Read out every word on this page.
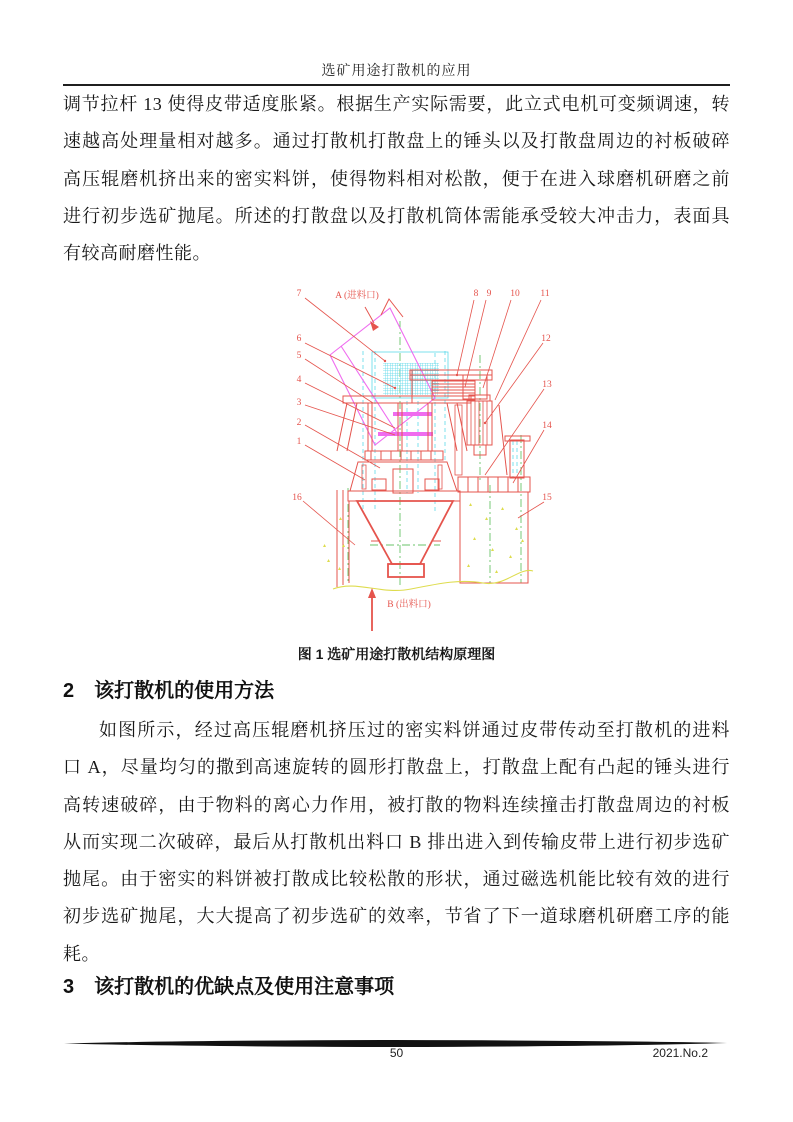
选矿用途打散机的应用
调节拉杆 13 使得皮带适度胀紧。根据生产实际需要，此立式电机可变频调速，转
速越高处理量相对越多。通过打散机打散盘上的锤头以及打散盘周边的衬板破碎
高压辊磨机挤出来的密实料饼，使得物料相对松散，便于在进入球磨机研磨之前
进行初步选矿抛尾。所述的打散盘以及打散机筒体需能承受较大冲击力，表面具
有较高耐磨性能。
7
6
5
4
3
2
1
16
8 9 10 11
12
13
14
15
A (进料口)
B (出料口)
图 1 选矿用途打散机结构原理图
2 该打散机的使用方法
如图所示，经过高压辊磨机挤压过的密实料饼通过皮带传动至打散机的进料
口 A，尽量均匀的撒到高速旋转的圆形打散盘上，打散盘上配有凸起的锤头进行
高转速破碎，由于物料的离心力作用，被打散的物料连续撞击打散盘周边的衬板
从而实现二次破碎，最后从打散机出料口 B 排出进入到传输皮带上进行初步选矿
抛尾。由于密实的料饼被打散成比较松散的形状，通过磁选机能比较有效的进行
初步选矿抛尾，大大提高了初步选矿的效率，节省了下一道球磨机研磨工序的能
耗。
3 该打散机的优缺点及使用注意事项
50	2021.No.2
